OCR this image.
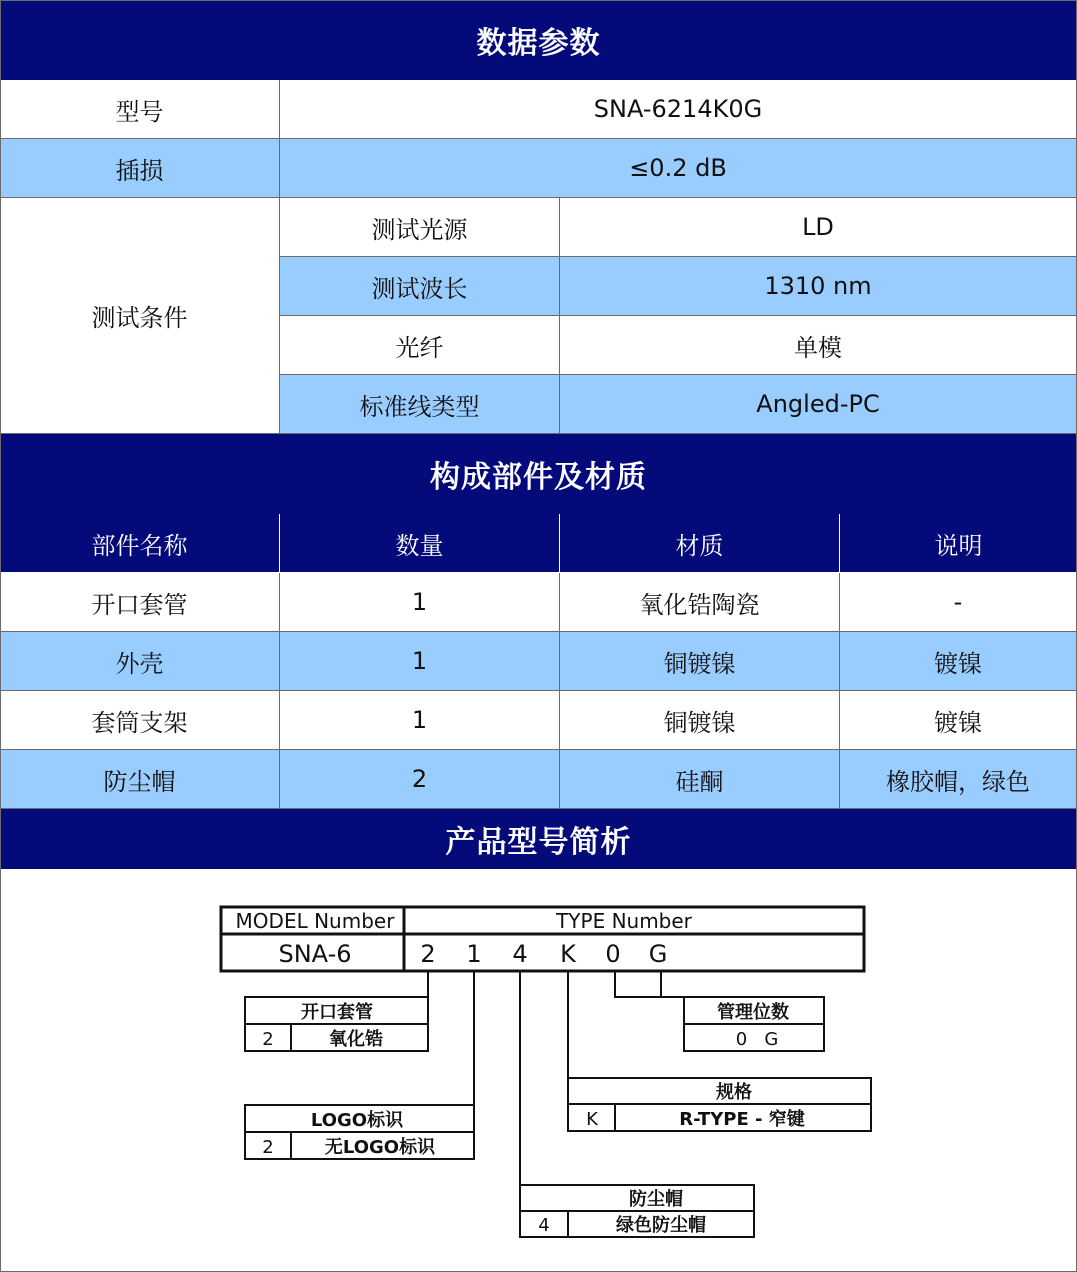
数据参数
型号	SNA-6214K0G
插损	≤0.2 dB
测试条件
测试光源	LD
测试波长	1310 nm
光纤	单模
标准线类型	Angled-PC
构成部件及材质
部件名称	数量	材质	说明
开口套管	1	氧化锆陶瓷	-
外壳	1	铜镀镍	镀镍
套筒支架	1	铜镀镍	镀镍
防尘帽	2	硅酮	橡胶帽，绿色
产品型号简析
MODEL Number	TYPE Number
SNA-6	2 1 4 K 0 G
开口套管
2	氧化锆
LOGO标识
2	无LOGO标识
防尘帽
4	绿色防尘帽
规格
K	R-TYPE - 窄键
管理位数
0   G
